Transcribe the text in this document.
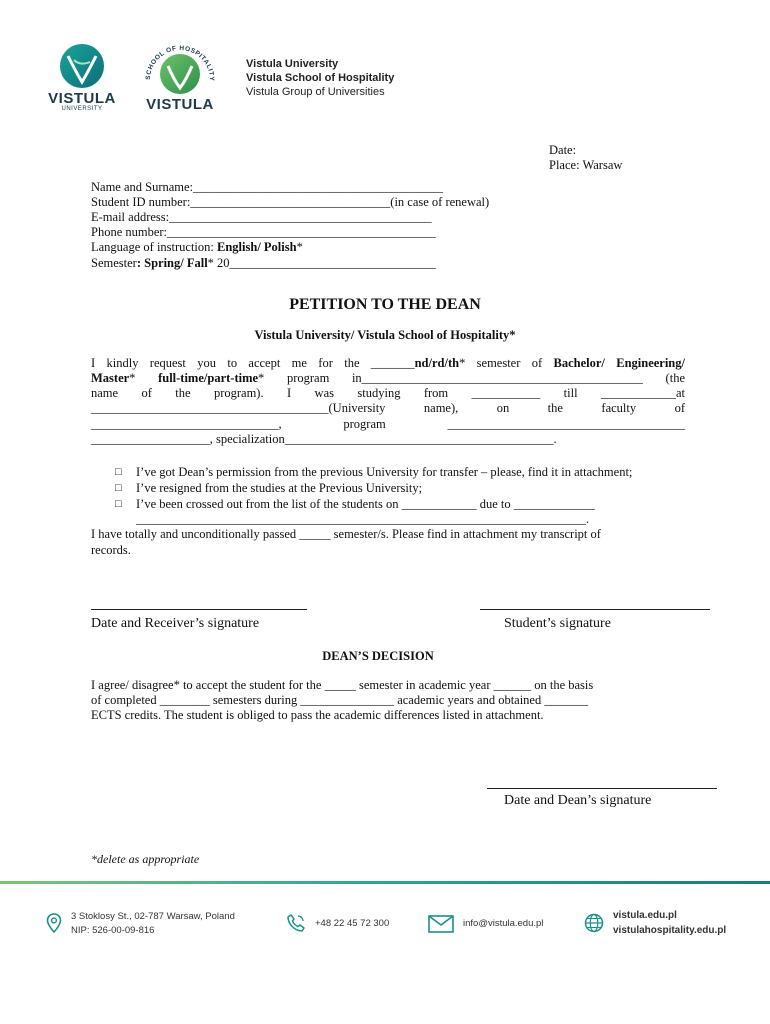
VISTULA
UNIVERSITY
SCHOOL OF HOSPITALITY
VISTULA
Vistula University
Vistula School of Hospitality
Vistula Group of Universities
Date:
Place: Warsaw
Name and Surname:________________________________________
Student ID number:________________________________(in case of renewal)
E-mail address:__________________________________________
Phone number:___________________________________________
Language of instruction: English/ Polish*
Semester: Spring/ Fall* 20_________________________________
PETITION TO THE DEAN
Vistula University/ Vistula School of Hospitality*
I kindly request you to accept me for the _______nd/rd/th* semester of Bachelor/ Engineering/
Master* full-time/part-time* program in_____________________________________________ (the
name of the program). I was studying from ___________ till ____________at
______________________________________(University name), on the faculty of
______________________________, program ______________________________________
___________________, specialization___________________________________________.
□ I’ve got Dean’s permission from the previous University for transfer – please, find it in attachment;
□ I’ve resigned from the studies at the Previous University;
□ I’ve been crossed out from the list of the students on ____________ due to _____________
________________________________________________________________________.
I have totally and unconditionally passed _____ semester/s. Please find in attachment my transcript of
records.
Date and Receiver’s signature	Student’s signature
DEAN’S DECISION
I agree/ disagree* to accept the student for the _____ semester in academic year ______ on the basis
of completed ________ semesters during _______________ academic years and obtained _______
ECTS credits. The student is obliged to pass the academic differences listed in attachment.
Date and Dean’s signature
*delete as appropriate
3 Stoklosy St., 02-787 Warsaw, Poland
NIP: 526-00-09-816
+48 22 45 72 300	info@vistula.edu.pl
vistula.edu.pl
vistulahospitality.edu.pl
